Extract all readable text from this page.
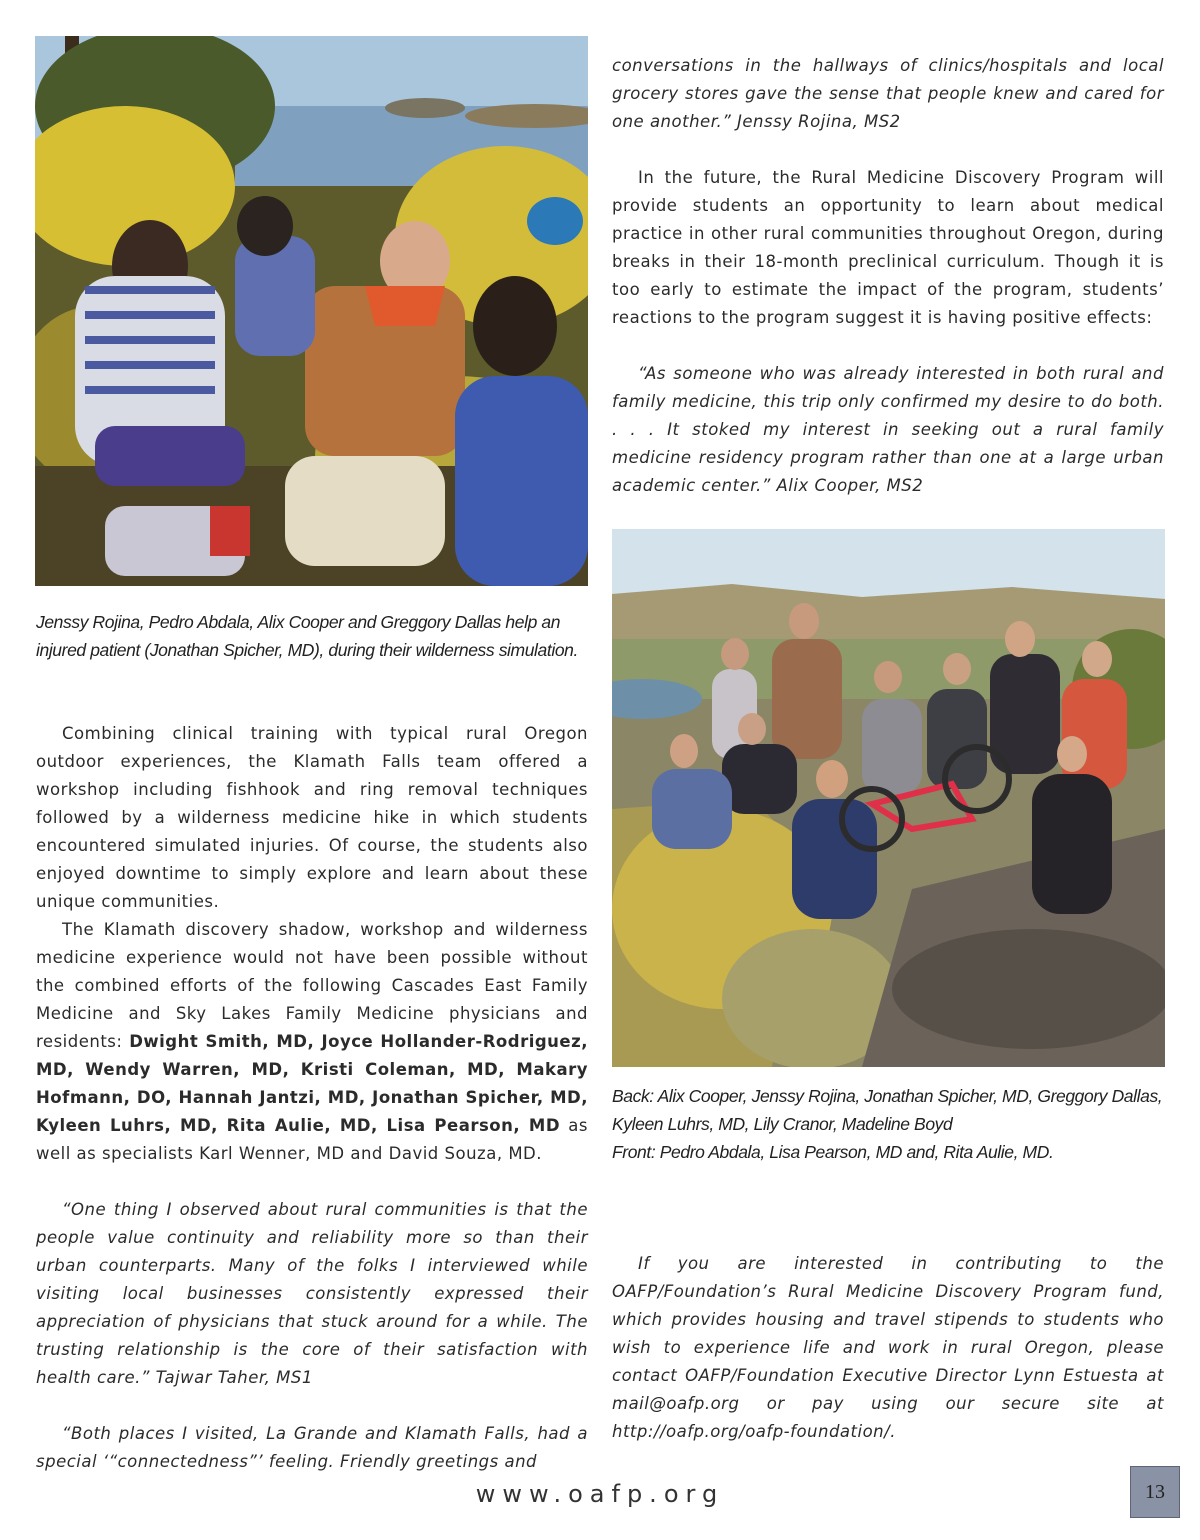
Jenssy Rojina, Pedro Abdala, Alix Cooper and Greggory Dallas help an injured patient (Jonathan Spicher, MD), during their wilderness simulation.

Combining clinical training with typical rural Oregon outdoor experiences, the Klamath Falls team offered a workshop including fishhook and ring removal techniques followed by a wilderness medicine hike in which students encountered simulated injuries. Of course, the students also enjoyed downtime to simply explore and learn about these unique communities.

The Klamath discovery shadow, workshop and wilderness medicine experience would not have been possible without the combined efforts of the following Cascades East Family Medicine and Sky Lakes Family Medicine physicians and residents: Dwight Smith, MD, Joyce Hollander-Rodriguez, MD, Wendy Warren, MD, Kristi Coleman, MD, Makary Hofmann, DO, Hannah Jantzi, MD, Jonathan Spicher, MD, Kyleen Luhrs, MD, Rita Aulie, MD, Lisa Pearson, MD as well as specialists Karl Wenner, MD and David Souza, MD.

“One thing I observed about rural communities is that the people value continuity and reliability more so than their urban counterparts. Many of the folks I interviewed while visiting local businesses consistently expressed their appreciation of physicians that stuck around for a while. The trusting relationship is the core of their satisfaction with health care.” Tajwar Taher, MS1

“Both places I visited, La Grande and Klamath Falls, had a special ‘“connectedness”’ feeling. Friendly greetings and

conversations in the hallways of clinics/hospitals and local grocery stores gave the sense that people knew and cared for one another.” Jenssy Rojina, MS2

In the future, the Rural Medicine Discovery Program will provide students an opportunity to learn about medical practice in other rural communities throughout Oregon, during breaks in their 18-month preclinical curriculum. Though it is too early to estimate the impact of the program, students’ reactions to the program suggest it is having positive effects:

“As someone who was already interested in both rural and family medicine, this trip only confirmed my desire to do both. . . . It stoked my interest in seeking out a rural family medicine residency program rather than one at a large urban academic center.” Alix Cooper, MS2

Back: Alix Cooper, Jenssy Rojina, Jonathan Spicher, MD, Greggory Dallas, Kyleen Luhrs, MD, Lily Cranor, Madeline Boyd

Front: Pedro Abdala, Lisa Pearson, MD and, Rita Aulie, MD.

If you are interested in contributing to the OAFP/Foundation’s Rural Medicine Discovery Program fund, which provides housing and travel stipends to students who wish to experience life and work in rural Oregon, please contact OAFP/Foundation Executive Director Lynn Estuesta at mail@oafp.org or pay using our secure site at http://oafp.org/oafp-foundation/.

www.oafp.org	13
